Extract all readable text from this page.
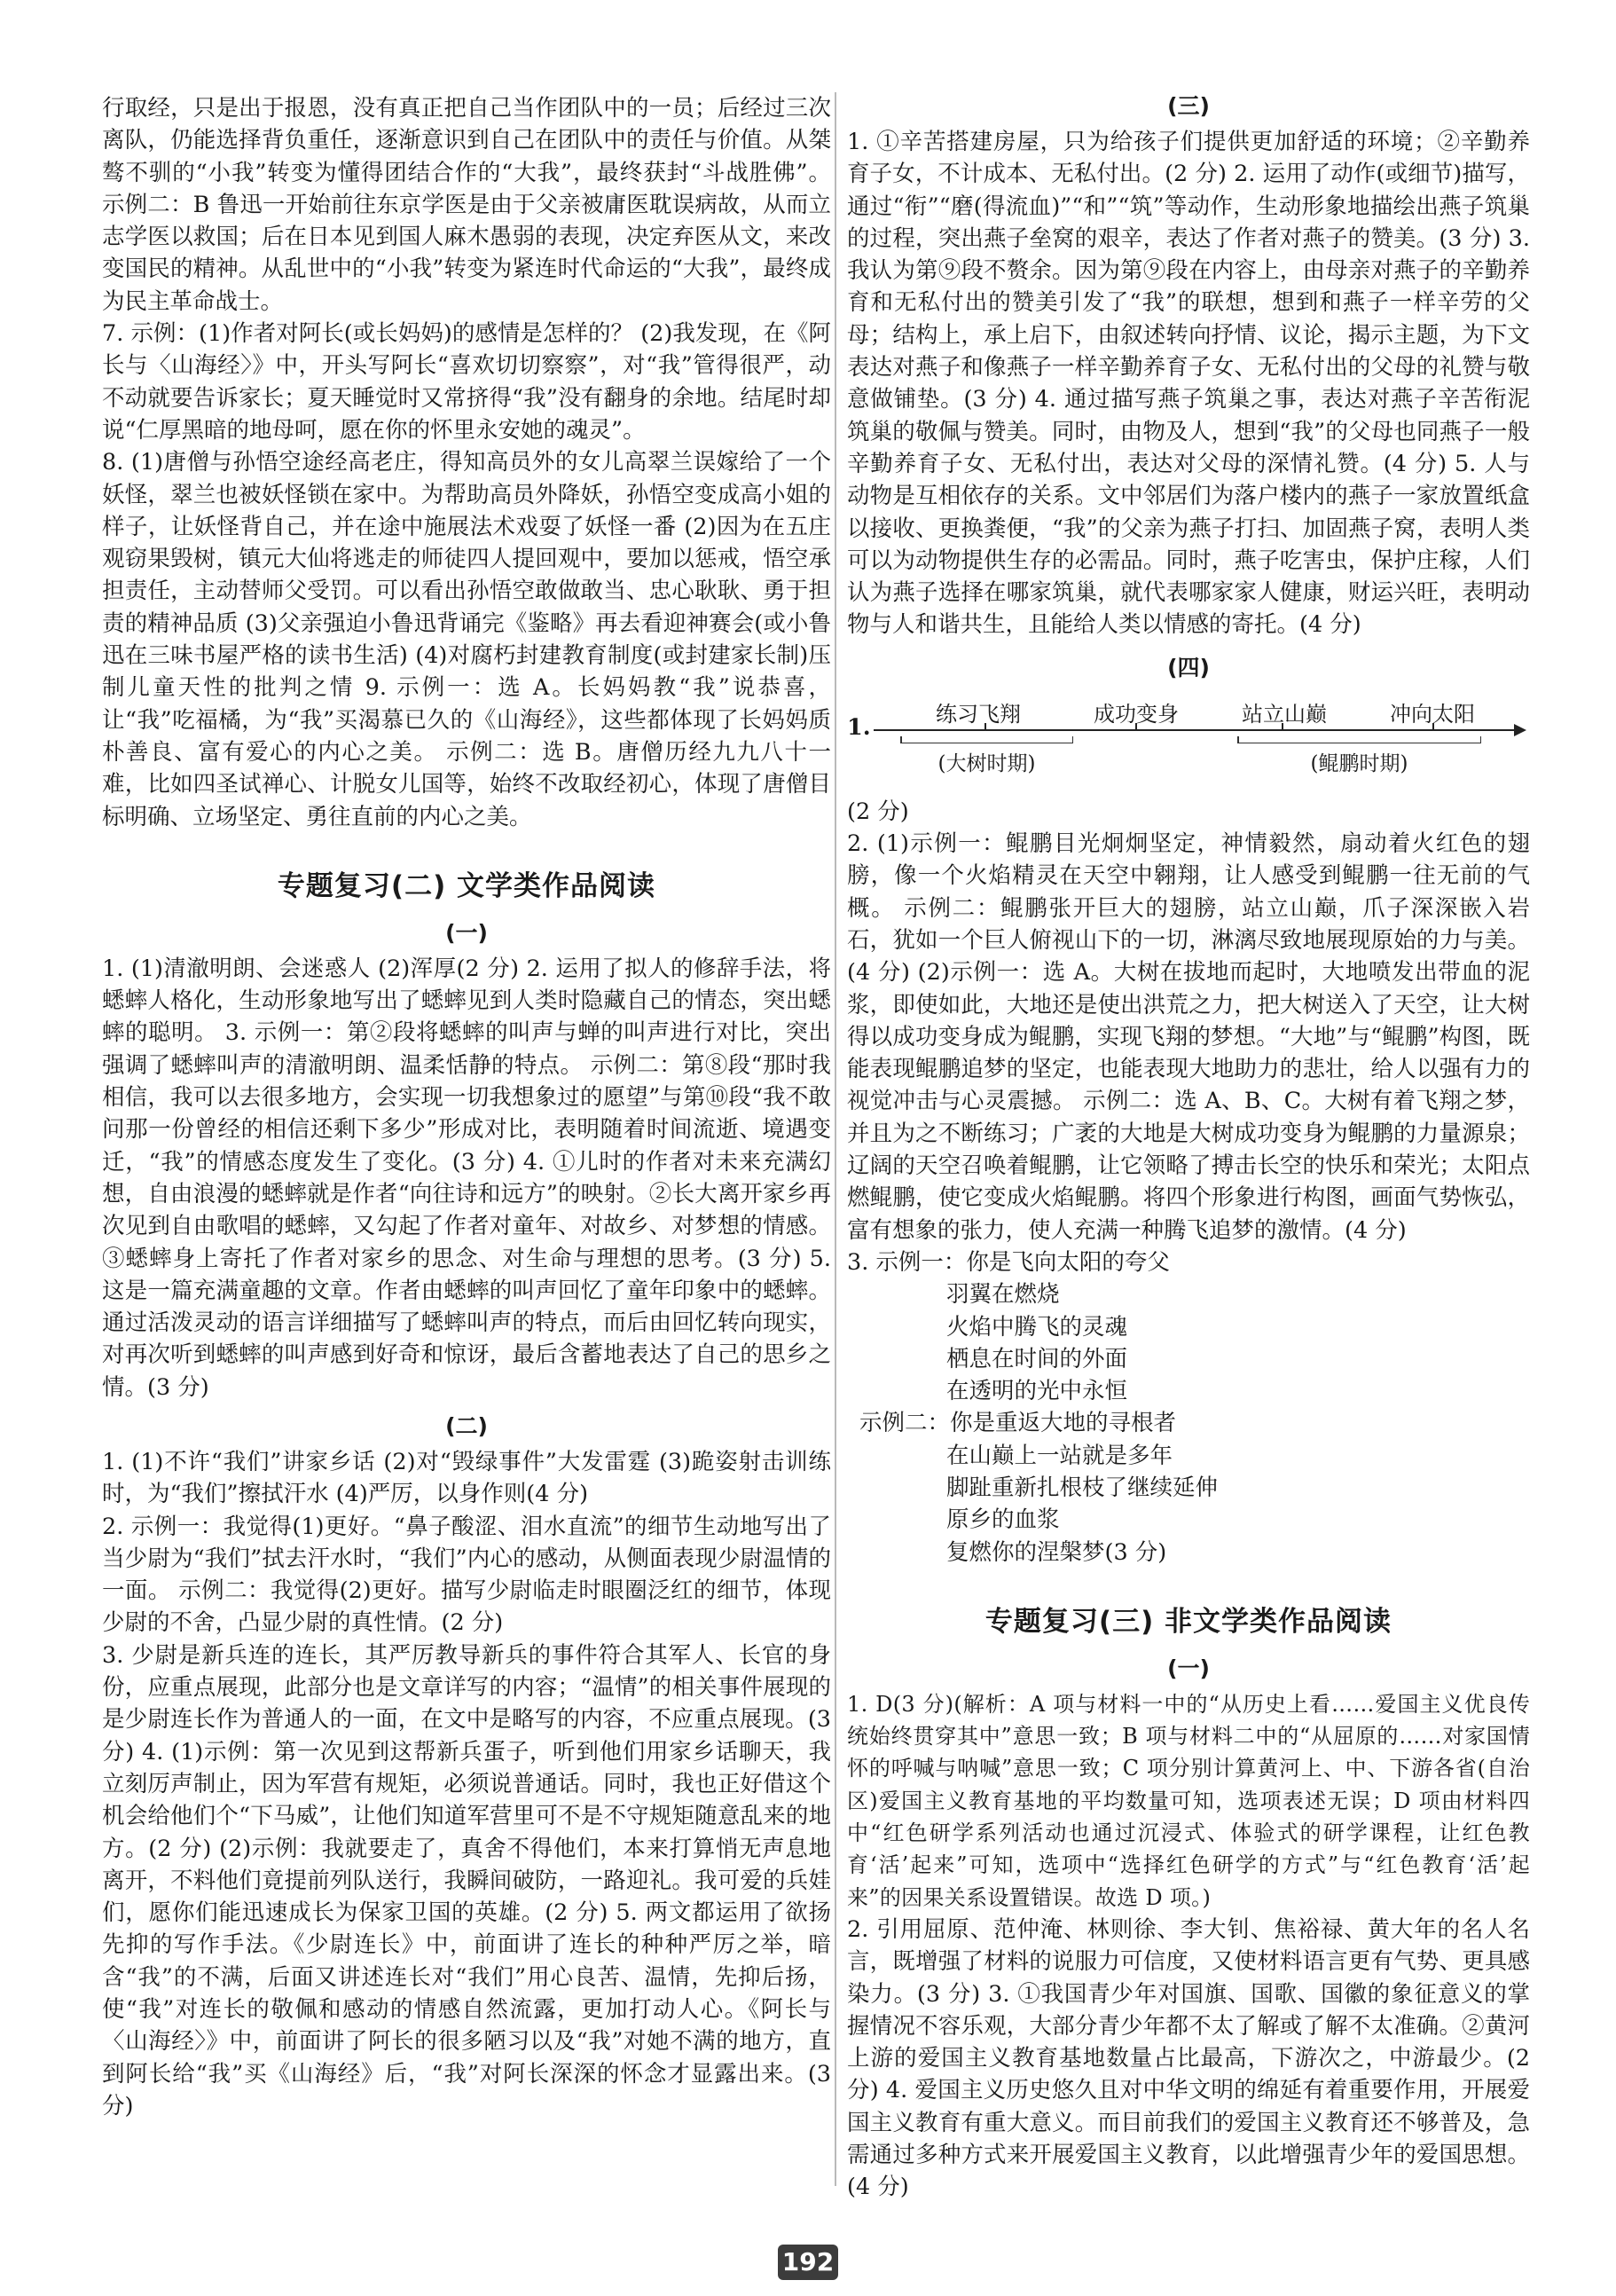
行取经，只是出于报恩，没有真正把自己当作团队中的一员；后经过三次离队，仍能选择背负重任，逐渐意识到自己在团队中的责任与价值。从桀骜不驯的“小我”转变为懂得团结合作的“大我”，最终获封“斗战胜佛”。 示例二：B 鲁迅一开始前往东京学医是由于父亲被庸医耽误病故，从而立志学医以救国；后在日本见到国人麻木愚弱的表现，决定弃医从文，来改变国民的精神。从乱世中的“小我”转变为紧连时代命运的“大我”，最终成为民主革命战士。

7. 示例：(1)作者对阿长(或长妈妈)的感情是怎样的？ (2)我发现，在《阿长与〈山海经〉》中，开头写阿长“喜欢切切察察”，对“我”管得很严，动不动就要告诉家长；夏天睡觉时又常挤得“我”没有翻身的余地。结尾时却说“仁厚黑暗的地母呵，愿在你的怀里永安她的魂灵”。

8. (1)唐僧与孙悟空途经高老庄，得知高员外的女儿高翠兰误嫁给了一个妖怪，翠兰也被妖怪锁在家中。为帮助高员外降妖，孙悟空变成高小姐的样子，让妖怪背自己，并在途中施展法术戏耍了妖怪一番 (2)因为在五庄观窃果毁树，镇元大仙将逃走的师徒四人提回观中，要加以惩戒，悟空承担责任，主动替师父受罚。可以看出孙悟空敢做敢当、忠心耿耿、勇于担责的精神品质 (3)父亲强迫小鲁迅背诵完《鉴略》再去看迎神赛会(或小鲁迅在三味书屋严格的读书生活) (4)对腐朽封建教育制度(或封建家长制)压制儿童天性的批判之情 9. 示例一：选 A。长妈妈教“我”说恭喜，让“我”吃福橘，为“我”买渴慕已久的《山海经》，这些都体现了长妈妈质朴善良、富有爱心的内心之美。 示例二：选 B。唐僧历经九九八十一难，比如四圣试禅心、计脱女儿国等，始终不改取经初心，体现了唐僧目标明确、立场坚定、勇往直前的内心之美。

专题复习(二) 文学类作品阅读
(一)

1. (1)清澈明朗、会迷惑人 (2)浑厚(2 分) 2. 运用了拟人的修辞手法，将蟋蟀人格化，生动形象地写出了蟋蟀见到人类时隐藏自己的情态，突出蟋蟀的聪明。 3. 示例一：第②段将蟋蟀的叫声与蝉的叫声进行对比，突出强调了蟋蟀叫声的清澈明朗、温柔恬静的特点。 示例二：第⑧段“那时我相信，我可以去很多地方，会实现一切我想象过的愿望”与第⑩段“我不敢问那一份曾经的相信还剩下多少”形成对比，表明随着时间流逝、境遇变迁，“我”的情感态度发生了变化。(3 分) 4. ①儿时的作者对未来充满幻想，自由浪漫的蟋蟀就是作者“向往诗和远方”的映射。②长大离开家乡再次见到自由歌唱的蟋蟀，又勾起了作者对童年、对故乡、对梦想的情感。③蟋蟀身上寄托了作者对家乡的思念、对生命与理想的思考。(3 分) 5. 这是一篇充满童趣的文章。作者由蟋蟀的叫声回忆了童年印象中的蟋蟀。通过活泼灵动的语言详细描写了蟋蟀叫声的特点，而后由回忆转向现实，对再次听到蟋蟀的叫声感到好奇和惊讶，最后含蓄地表达了自己的思乡之情。(3 分)

(二)

1. (1)不许“我们”讲家乡话 (2)对“毁绿事件”大发雷霆 (3)跪姿射击训练时，为“我们”擦拭汗水 (4)严厉，以身作则(4 分)

2. 示例一：我觉得(1)更好。“鼻子酸涩、泪水直流”的细节生动地写出了当少尉为“我们”拭去汗水时，“我们”内心的感动，从侧面表现少尉温情的一面。 示例二：我觉得(2)更好。描写少尉临走时眼圈泛红的细节，体现少尉的不舍，凸显少尉的真性情。(2 分)

3. 少尉是新兵连的连长，其严厉教导新兵的事件符合其军人、长官的身份，应重点展现，此部分也是文章详写的内容；“温情”的相关事件展现的是少尉连长作为普通人的一面，在文中是略写的内容，不应重点展现。(3 分) 4. (1)示例：第一次见到这帮新兵蛋子，听到他们用家乡话聊天，我立刻厉声制止，因为军营有规矩，必须说普通话。同时，我也正好借这个机会给他们个“下马威”，让他们知道军营里可不是不守规矩随意乱来的地方。(2 分) (2)示例：我就要走了，真舍不得他们，本来打算悄无声息地离开，不料他们竟提前列队送行，我瞬间破防，一路迎礼。我可爱的兵娃们，愿你们能迅速成长为保家卫国的英雄。(2 分) 5. 两文都运用了欲扬先抑的写作手法。《少尉连长》中，前面讲了连长的种种严厉之举，暗含“我”的不满，后面又讲述连长对“我们”用心良苦、温情，先抑后扬，使“我”对连长的敬佩和感动的情感自然流露，更加打动人心。《阿长与〈山海经〉》中，前面讲了阿长的很多陋习以及“我”对她不满的地方，直到阿长给“我”买《山海经》后，“我”对阿长深深的怀念才显露出来。(3 分)

(三)

1. ①辛苦搭建房屋，只为给孩子们提供更加舒适的环境；②辛勤养育子女，不计成本、无私付出。(2 分) 2. 运用了动作(或细节)描写，通过“衔”“磨(得流血)”“和”“筑”等动作，生动形象地描绘出燕子筑巢的过程，突出燕子垒窝的艰辛，表达了作者对燕子的赞美。(3 分) 3. 我认为第⑨段不赘余。因为第⑨段在内容上，由母亲对燕子的辛勤养育和无私付出的赞美引发了“我”的联想，想到和燕子一样辛劳的父母；结构上，承上启下，由叙述转向抒情、议论，揭示主题，为下文表达对燕子和像燕子一样辛勤养育子女、无私付出的父母的礼赞与敬意做铺垫。(3 分) 4. 通过描写燕子筑巢之事，表达对燕子辛苦衔泥筑巢的敬佩与赞美。同时，由物及人，想到“我”的父母也同燕子一般辛勤养育子女、无私付出，表达对父母的深情礼赞。(4 分) 5. 人与动物是互相依存的关系。文中邻居们为落户楼内的燕子一家放置纸盒以接收、更换粪便，“我”的父亲为燕子打扫、加固燕子窝，表明人类可以为动物提供生存的必需品。同时，燕子吃害虫，保护庄稼，人们认为燕子选择在哪家筑巢，就代表哪家家人健康，财运兴旺，表明动物与人和谐共生，且能给人类以情感的寄托。(4 分)

(四)
1.	练习飞翔	成功变身	站立山巅	冲向太阳
(大树时期)	(鲲鹏时期)

(2 分)

2. (1)示例一：鲲鹏目光炯炯坚定，神情毅然，扇动着火红色的翅膀，像一个火焰精灵在天空中翱翔，让人感受到鲲鹏一往无前的气概。 示例二：鲲鹏张开巨大的翅膀，站立山巅，爪子深深嵌入岩石，犹如一个巨人俯视山下的一切，淋漓尽致地展现原始的力与美。(4 分) (2)示例一：选 A。大树在拔地而起时，大地喷发出带血的泥浆，即使如此，大地还是使出洪荒之力，把大树送入了天空，让大树得以成功变身成为鲲鹏，实现飞翔的梦想。“大地”与“鲲鹏”构图，既能表现鲲鹏追梦的坚定，也能表现大地助力的悲壮，给人以强有力的视觉冲击与心灵震撼。 示例二：选 A、B、C。大树有着飞翔之梦，并且为之不断练习；广袤的大地是大树成功变身为鲲鹏的力量源泉；辽阔的天空召唤着鲲鹏，让它领略了搏击长空的快乐和荣光；太阳点燃鲲鹏，使它变成火焰鲲鹏。将四个形象进行构图，画面气势恢弘，富有想象的张力，使人充满一种腾飞追梦的激情。(4 分)

3. 示例一：你是飞向太阳的夸父

羽翼在燃烧

火焰中腾飞的灵魂

栖息在时间的外面

在透明的光中永恒

示例二：你是重返大地的寻根者

在山巅上一站就是多年

脚趾重新扎根枝了继续延伸

原乡的血浆

复燃你的涅槃梦(3 分)

专题复习(三) 非文学类作品阅读
(一)

1. D(3 分)(解析：A 项与材料一中的“从历史上看……爱国主义优良传统始终贯穿其中”意思一致；B 项与材料二中的“从屈原的……对家国情怀的呼喊与呐喊”意思一致；C 项分别计算黄河上、中、下游各省(自治区)爱国主义教育基地的平均数量可知，选项表述无误；D 项由材料四中“红色研学系列活动也通过沉浸式、体验式的研学课程，让红色教育‘活’起来”可知，选项中“选择红色研学的方式”与“红色教育‘活’起来”的因果关系设置错误。故选 D 项。)

2. 引用屈原、范仲淹、林则徐、李大钊、焦裕禄、黄大年的名人名言，既增强了材料的说服力可信度，又使材料语言更有气势、更具感染力。(3 分) 3. ①我国青少年对国旗、国歌、国徽的象征意义的掌握情况不容乐观，大部分青少年都不太了解或了解不太准确。②黄河上游的爱国主义教育基地数量占比最高，下游次之，中游最少。(2 分) 4. 爱国主义历史悠久且对中华文明的绵延有着重要作用，开展爱国主义教育有重大意义。而目前我们的爱国主义教育还不够普及，急需通过多种方式来开展爱国主义教育，以此增强青少年的爱国思想。(4 分)

192
